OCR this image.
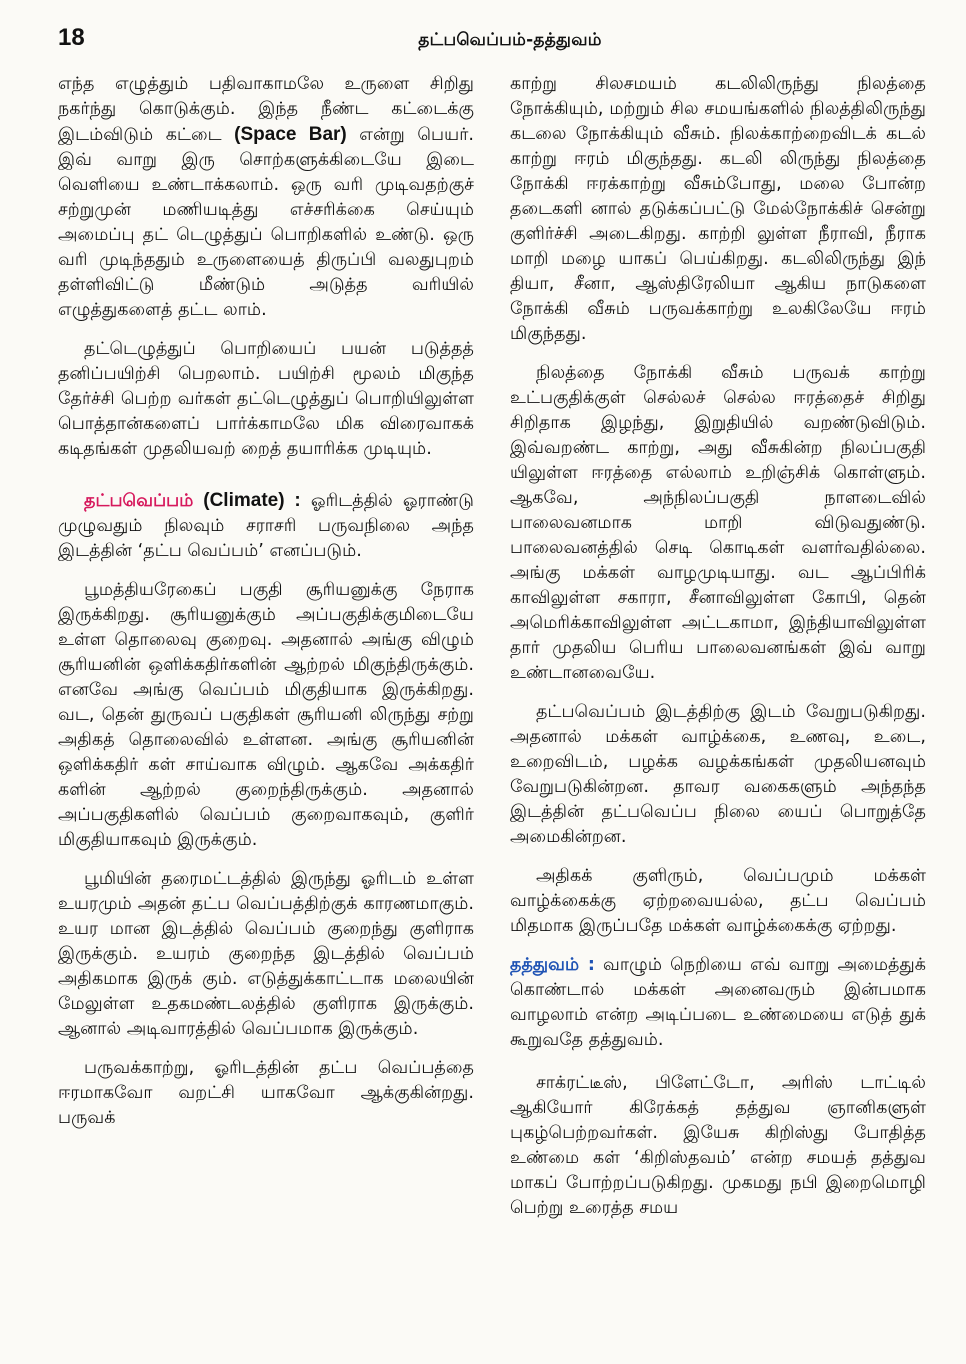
18	தட்பவெப்பம்-தத்துவம்

எந்த எழுத்தும் பதிவாகாமலே உருளை சிறிது நகர்ந்து கொடுக்கும். இந்த நீண்ட கட்டைக்கு இடம்விடும் கட்டை (Space Bar) என்று பெயர். இவ் வாறு இரு சொற்களுக்கிடையே இடை வெளியை உண்டாக்கலாம். ஒரு வரி முடிவதற்குச் சற்றுமுன் மணியடித்து எச்சரிக்கை செய்யும் அமைப்பு தட் டெழுத்துப் பொறிகளில் உண்டு. ஒரு வரி முடிந்ததும் உருளையைத் திருப்பி வலதுபுறம் தள்ளிவிட்டு மீண்டும் அடுத்த வரியில் எழுத்துகளைத் தட்ட லாம்.

தட்டெழுத்துப் பொறியைப் பயன் படுத்தத் தனிப்பயிற்சி பெறலாம். பயிற்சி மூலம் மிகுந்த தேர்ச்சி பெற்ற வர்கள் தட்டெழுத்துப் பொறியிலுள்ள பொத்தான்களைப் பார்க்காமலே மிக விரைவாகக் கடிதங்கள் முதலியவற் றைத் தயாரிக்க முடியும்.

தட்பவெப்பம் (Climate) : ஓரிடத்தில் ஓராண்டு முழுவதும் நிலவும் சராசரி பருவநிலை அந்த இடத்தின் ‘தட்ப வெப்பம்’ எனப்படும்.

பூமத்தியரேகைப் பகுதி சூரியனுக்கு நேராக இருக்கிறது. சூரியனுக்கும் அப்பகுதிக்குமிடையே உள்ள தொலைவு குறைவு. அதனால் அங்கு விழும் சூரியனின் ஒளிக்கதிர்களின் ஆற்றல் மிகுந்திருக்கும். எனவே அங்கு வெப்பம் மிகுதியாக இருக்கிறது. வட, தென் துருவப் பகுதிகள் சூரியனி லிருந்து சற்று அதிகத் தொலைவில் உள்ளன. அங்கு சூரியனின் ஒளிக்கதிர் கள் சாய்வாக விழும். ஆகவே அக்கதிர் களின் ஆற்றல் குறைந்திருக்கும். அதனால் அப்பகுதிகளில் வெப்பம் குறைவாகவும், குளிர் மிகுதியாகவும் இருக்கும்.

பூமியின் தரைமட்டத்தில் இருந்து ஓரிடம் உள்ள உயரமும் அதன் தட்ப வெப்பத்திற்குக் காரணமாகும். உயர மான இடத்தில் வெப்பம் குறைந்து குளிராக இருக்கும். உயரம் குறைந்த இடத்தில் வெப்பம் அதிகமாக இருக் கும். எடுத்துக்காட்டாக மலையின் மேலுள்ள உதகமண்டலத்தில் குளிராக இருக்கும். ஆனால் அடிவாரத்தில் வெப்பமாக இருக்கும்.

பருவக்காற்று, ஓரிடத்தின் தட்ப வெப்பத்தை ஈரமாகவோ வறட்சி யாகவோ ஆக்குகின்றது. பருவக்

காற்று சிலசமயம் கடலிலிருந்து நிலத்தை நோக்கியும், மற்றும் சில சமயங்களில் நிலத்திலிருந்து கடலை நோக்கியும் வீசும். நிலக்காற்றைவிடக் கடல் காற்று ஈரம் மிகுந்தது. கடலி லிருந்து நிலத்தை நோக்கி ஈரக்காற்று வீசும்போது, மலை போன்ற தடைகளி னால் தடுக்கப்பட்டு மேல்நோக்கிச் சென்று குளிர்ச்சி அடைகிறது. காற்றி லுள்ள நீராவி, நீராக மாறி மழை யாகப் பெய்கிறது. கடலிலிருந்து இந் தியா, சீனா, ஆஸ்திரேலியா ஆகிய நாடுகளை நோக்கி வீசும் பருவக்காற்று உலகிலேயே ஈரம் மிகுந்தது.

நிலத்தை நோக்கி வீசும் பருவக் காற்று உட்பகுதிக்குள் செல்லச் செல்ல ஈரத்தைச் சிறிது சிறிதாக இழந்து, இறுதியில் வறண்டுவிடும். இவ்வறண்ட காற்று, அது வீசுகின்ற நிலப்பகுதி யிலுள்ள ஈரத்தை எல்லாம் உறிஞ்சிக் கொள்ளும். ஆகவே, அந்நிலப்பகுதி நாளடைவில் பாலைவனமாக மாறி விடுவதுண்டு. பாலைவனத்தில் செடி கொடிகள் வளர்வதில்லை. அங்கு மக்கள் வாழமுடியாது. வட ஆப்பிரிக் காவிலுள்ள சகாரா, சீனாவிலுள்ள கோபி, தென் அமெரிக்காவிலுள்ள அட்டகாமா, இந்தியாவிலுள்ள தார் முதலிய பெரிய பாலைவனங்கள் இவ் வாறு உண்டானவையே.

தட்பவெப்பம் இடத்திற்கு இடம் வேறுபடுகிறது. அதனால் மக்கள் வாழ்க்கை, உணவு, உடை, உறைவிடம், பழக்க வழக்கங்கள் முதலியனவும் வேறுபடுகின்றன. தாவர வகைகளும் அந்தந்த இடத்தின் தட்பவெப்ப நிலை யைப் பொறுத்தே அமைகின்றன.

அதிகக் குளிரும், வெப்பமும் மக்கள் வாழ்க்கைக்கு ஏற்றவையல்ல, தட்ப வெப்பம் மிதமாக இருப்பதே மக்கள் வாழ்க்கைக்கு ஏற்றது.

தத்துவம் : வாழும் நெறியை எவ் வாறு அமைத்துக் கொண்டால் மக்கள் அனைவரும் இன்பமாக வாழலாம் என்ற அடிப்படை உண்மையை எடுத் துக் கூறுவதே தத்துவம்.

சாக்ரட்டீஸ், பிளேட்டோ, அரிஸ் டாட்டில் ஆகியோர் கிரேக்கத் தத்துவ ஞானிகளுள் புகழ்பெற்றவர்கள். இயேசு கிறிஸ்து போதித்த உண்மை கள் ‘கிறிஸ்தவம்’ என்ற சமயத் தத்துவ மாகப் போற்றப்படுகிறது. முகமது நபி இறைமொழி பெற்று உரைத்த சமய
